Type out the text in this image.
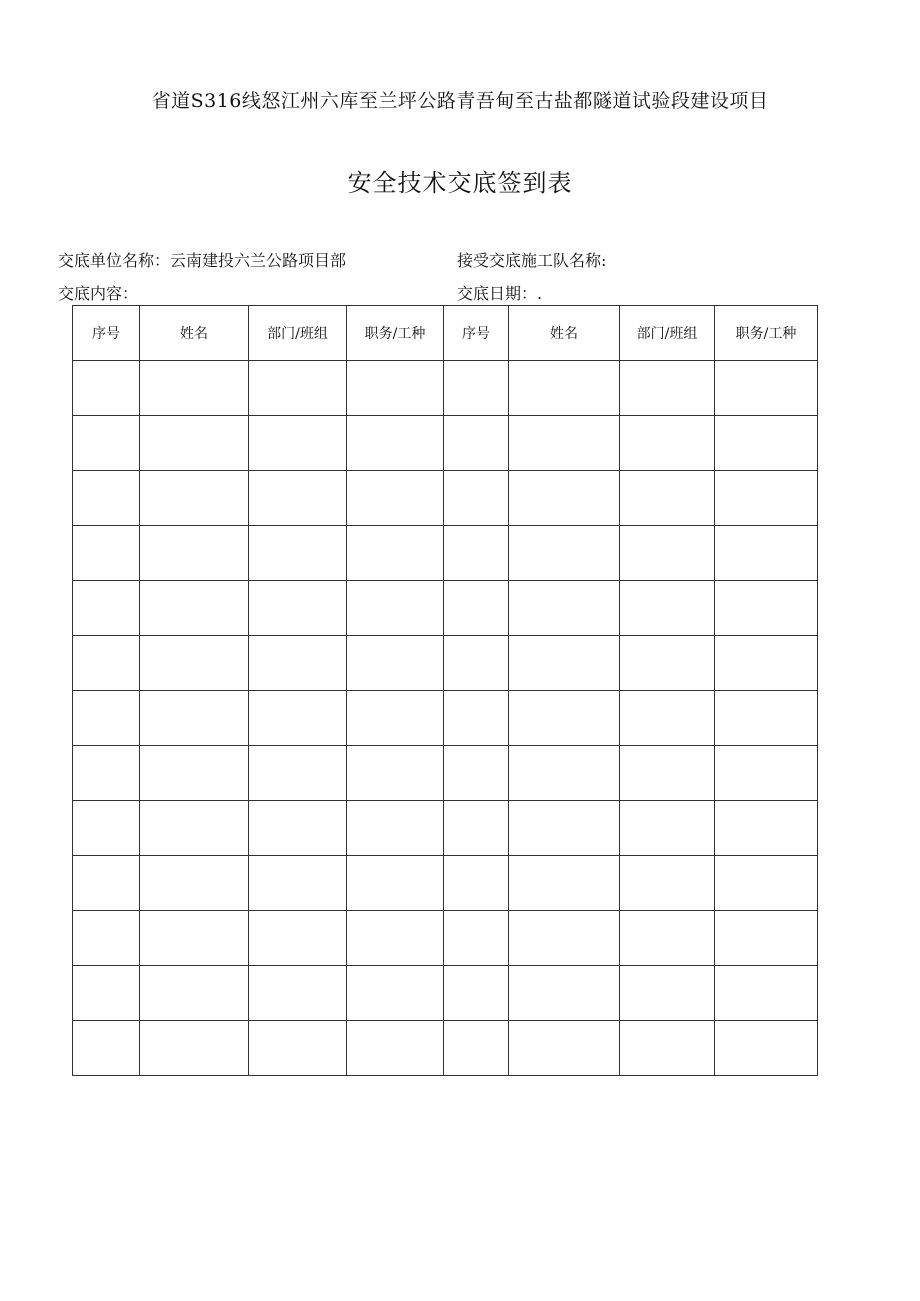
省道S316线怒江州六库至兰坪公路青吾甸至古盐都隧道试验段建设项目
安全技术交底签到表
交底单位名称：云南建投六兰公路项目部	接受交底施工队名称:
交底内容：	交底日期：.
序号	姓名	部门/班组	职务/工种	序号	姓名	部门/班组	职务/工种
